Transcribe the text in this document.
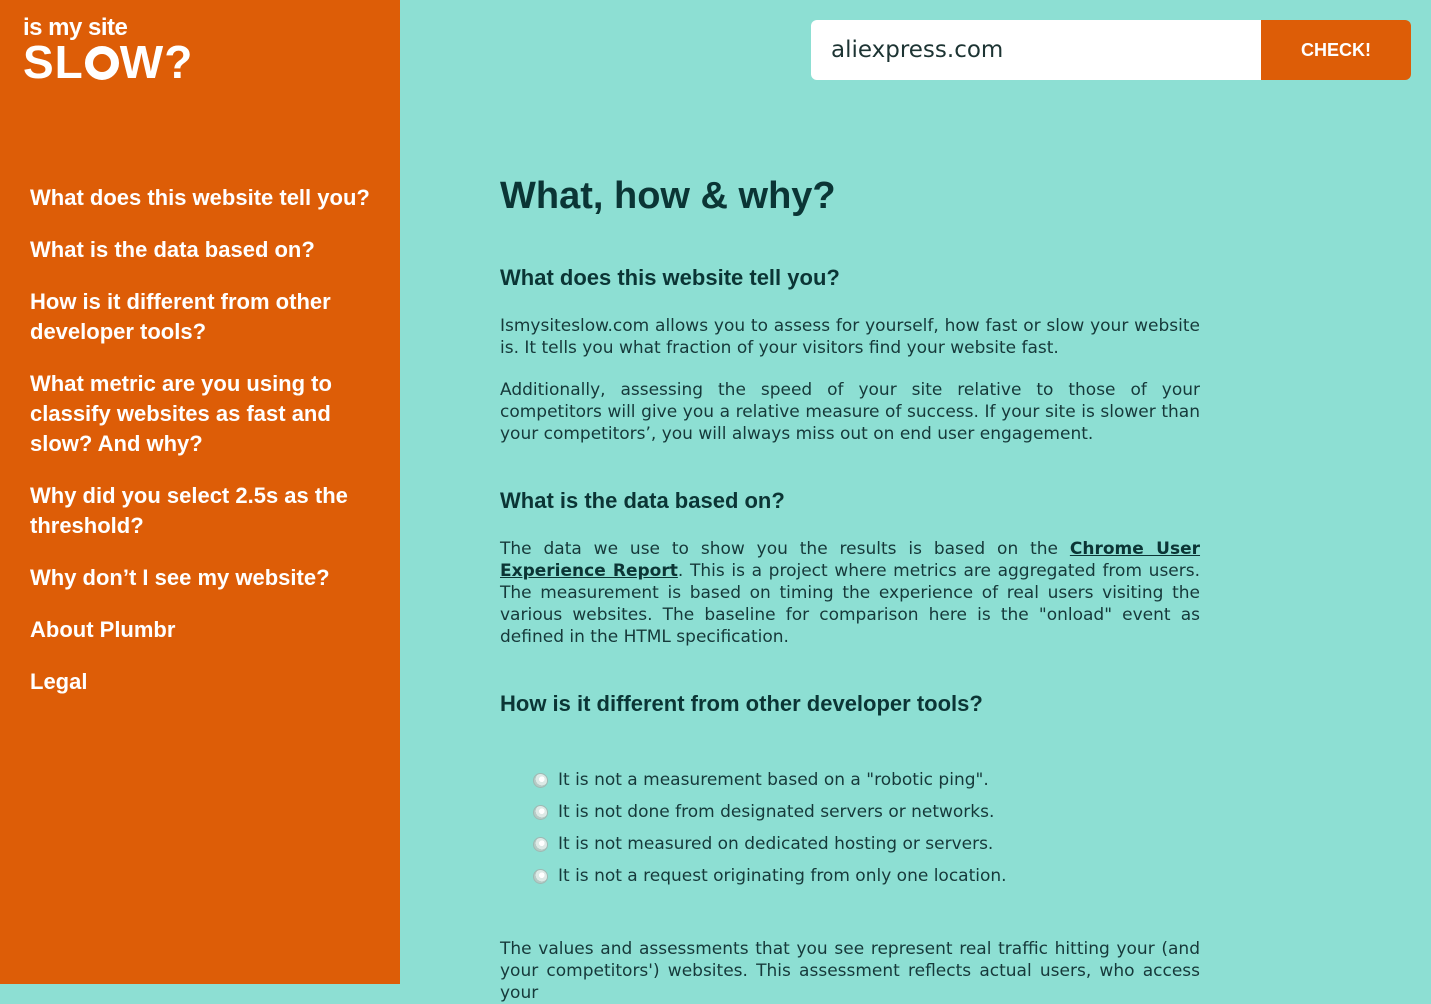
is my site
SL W?
What does this website tell you?
What is the data based on?
How is it different from other developer tools?
What metric are you using to classify websites as fast and slow? And why?
Why did you select 2.5s as the threshold?
Why don’t I see my website?
About Plumbr
Legal
aliexpress.com
CHECK!
What, how & why?
What does this website tell you?

Ismysiteslow.com allows you to assess for yourself, how fast or slow your website is. It tells you what fraction of your visitors find your website fast.

Additionally, assessing the speed of your site relative to those of your competitors will give you a relative measure of success. If your site is slower than your competitors’, you will always miss out on end user engagement.

What is the data based on?

The data we use to show you the results is based on the Chrome User Experience Report. This is a project where metrics are aggregated from users. The measurement is based on timing the experience of real users visiting the various websites. The baseline for comparison here is the "onload" event as defined in the HTML specification.

How is it different from other developer tools?
It is not a measurement based on a "robotic ping".
It is not done from designated servers or networks.
It is not measured on dedicated hosting or servers.
It is not a request originating from only one location.

The values and assessments that you see represent real traffic hitting your (and your competitors') websites. This assessment reflects actual users, who access your
